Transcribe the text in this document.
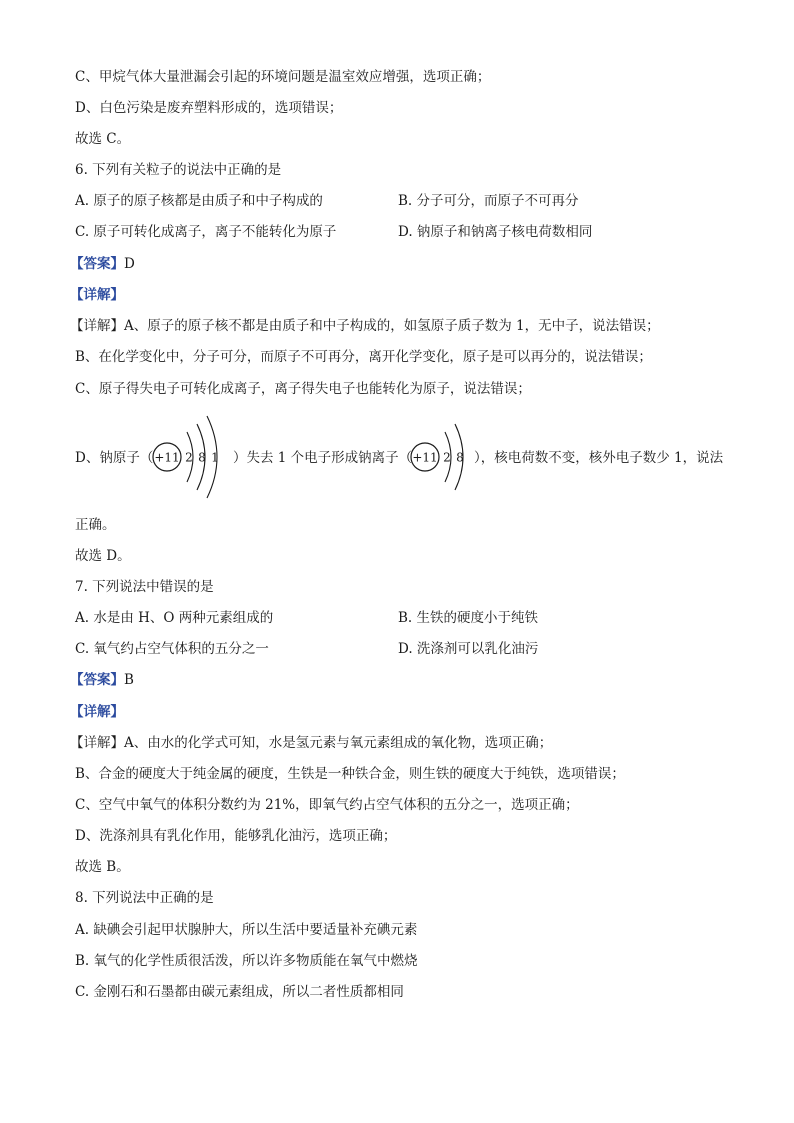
C、甲烷气体大量泄漏会引起的环境问题是温室效应增强，选项正确；
D、白色污染是废弃塑料形成的，选项错误；
故选 C。
6. 下列有关粒子的说法中正确的是
A. 原子的原子核都是由质子和中子构成的	B. 分子可分，而原子不可再分
C. 原子可转化成离子，离子不能转化为原子	D. 钠原子和钠离子核电荷数相同
【答案】D
【详解】
【详解】A、原子的原子核不都是由质子和中子构成的，如氢原子质子数为 1，无中子，说法错误；
B、在化学变化中，分子可分，而原子不可再分，离开化学变化，原子是可以再分的，说法错误；
C、原子得失电子可转化成离子，离子得失电子也能转化为原子，说法错误；
D、钠原子（	）失去 1 个电子形成钠离子（	），核电荷数不变，核外电子数少 1，说法
+11 2 8 1	+11 2 8
正确。
故选 D。
7. 下列说法中错误的是
A. 水是由 H、O 两种元素组成的	B. 生铁的硬度小于纯铁
C. 氧气约占空气体积的五分之一	D. 洗涤剂可以乳化油污
【答案】B
【详解】
【详解】A、由水的化学式可知，水是氢元素与氧元素组成的氧化物，选项正确；
B、合金的硬度大于纯金属的硬度，生铁是一种铁合金，则生铁的硬度大于纯铁，选项错误；
C、空气中氧气的体积分数约为 21%，即氧气约占空气体积的五分之一，选项正确；
D、洗涤剂具有乳化作用，能够乳化油污，选项正确；
故选 B。
8. 下列说法中正确的是
A. 缺碘会引起甲状腺肿大，所以生活中要适量补充碘元素
B. 氧气的化学性质很活泼，所以许多物质能在氧气中燃烧
C. 金刚石和石墨都由碳元素组成，所以二者性质都相同
